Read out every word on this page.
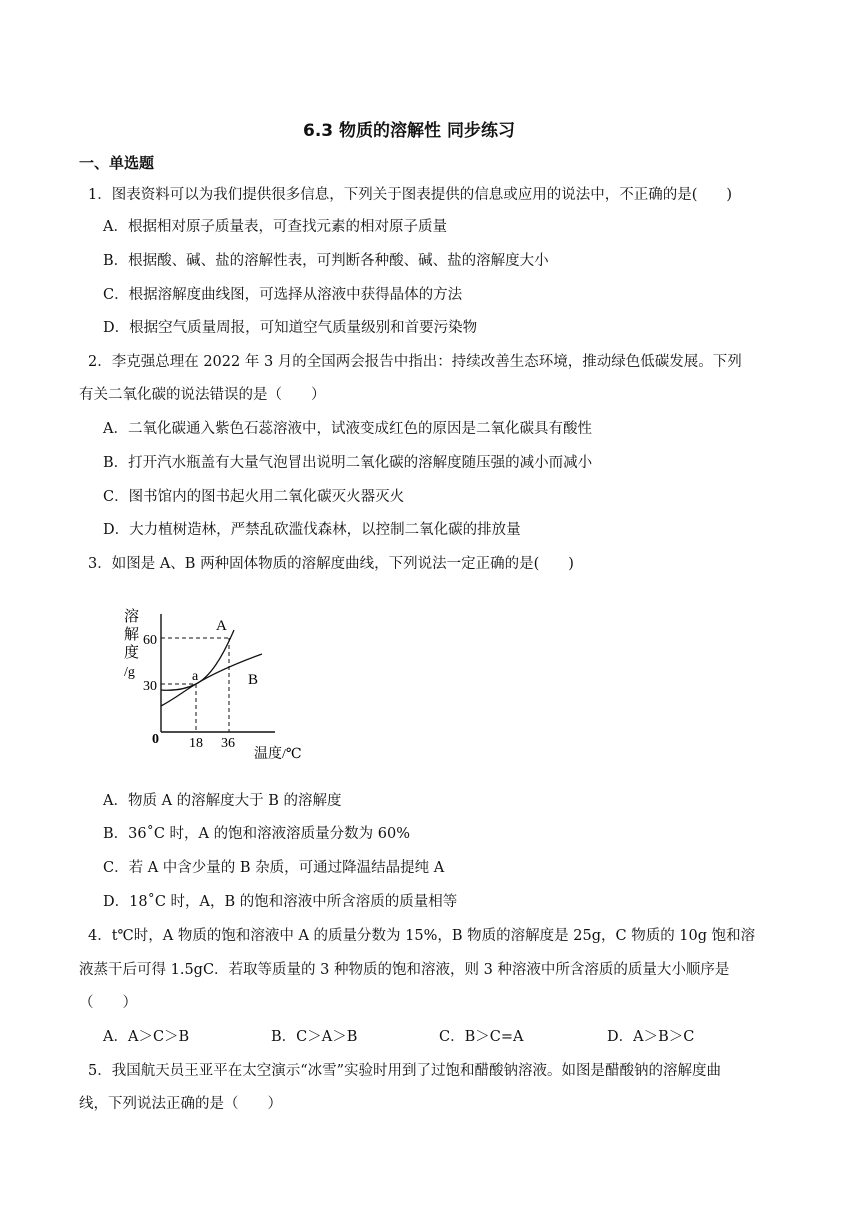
6.3 物质的溶解性 同步练习
一、单选题
1．图表资料可以为我们提供很多信息，下列关于图表提供的信息或应用的说法中，不正确的是(　　)
A．根据相对原子质量表，可查找元素的相对原子质量
B．根据酸、碱、盐的溶解性表，可判断各种酸、碱、盐的溶解度大小
C．根据溶解度曲线图，可选择从溶液中获得晶体的方法
D．根据空气质量周报，可知道空气质量级别和首要污染物
2．李克强总理在 2022 年 3 月的全国两会报告中指出：持续改善生态环境，推动绿色低碳发展。下列
有关二氧化碳的说法错误的是（　　）
A．二氧化碳通入紫色石蕊溶液中，试液变成红色的原因是二氧化碳具有酸性
B．打开汽水瓶盖有大量气泡冒出说明二氧化碳的溶解度随压强的减小而减小
C．图书馆内的图书起火用二氧化碳灭火器灭火
D．大力植树造林，严禁乱砍滥伐森林，以控制二氧化碳的排放量
3．如图是 A、B 两种固体物质的溶解度曲线，下列说法一定正确的是(　　)
溶
解
度
/g
60
30
0 18 36
A
B
a
温度/℃
A．物质 A 的溶解度大于 B 的溶解度
B．36˚C 时，A 的饱和溶液溶质量分数为 60%
C．若 A 中含少量的 B 杂质，可通过降温结晶提纯 A
D．18˚C 时，A，B 的饱和溶液中所含溶质的质量相等
4．t℃时，A 物质的饱和溶液中 A 的质量分数为 15%，B 物质的溶解度是 25g，C 物质的 10g 饱和溶
液蒸干后可得 1.5gC．若取等质量的 3 种物质的饱和溶液，则 3 种溶液中所含溶质的质量大小顺序是
（　　）
A．A＞C＞B	B．C＞A＞B	C．B＞C=A	D．A＞B＞C
5．我国航天员王亚平在太空演示“冰雪”实验时用到了过饱和醋酸钠溶液。如图是醋酸钠的溶解度曲
线，下列说法正确的是（　　）
